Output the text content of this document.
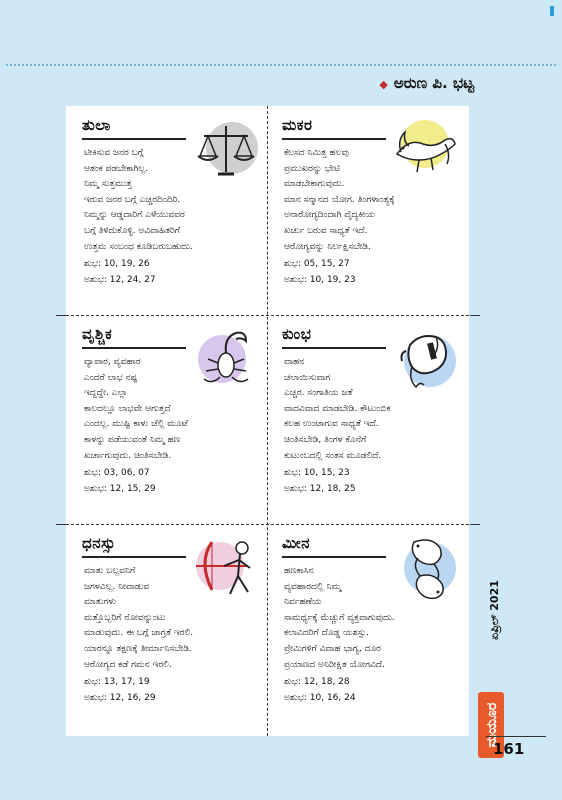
◆ ಅರುಣ ಪಿ. ಭಟ್ಟ
ತುಲಾ
ಟೀಕಿಸುವ ಜನರ ಬಗ್ಗೆ
ಆತಂಕ ಪಡಬೇಕಾಗಿಲ್ಲ.
ನಿಮ್ಮ ಸುತ್ತಮುತ್ತ
ಇರುವ ಜನರ ಬಗ್ಗೆ ಎಚ್ಚರದಿಂದಿರಿ.
ನಿಮ್ಮನ್ನು ಆಡ್ಡದಾರಿಗೆ ಎಳೆಯುವವರ
ಬಗ್ಗೆ ತಿಳಿದುಕೊಳ್ಳಿ. ಅವಿವಾಹಿತರಿಗೆ
ಉತ್ತಮ ಸಂಬಂಧ ಕೂಡಿಬರುಬಹುದು.
ಶುಭ: 10, 19, 26
ಅಶುಭ: 12, 24, 27
ಮಕರ
ಕೆಲಸದ ನಿಮಿತ್ತ ಹಲವು
ಪ್ರಮುಖರನ್ನು ಭೇಟಿ
ಮಾಡಬೇಕಾಗುವುದು.
ಮಾನ ಸನ್ಮಾನದ ಯೋಗ. ತಿಂಗಳಾಂತ್ಯಕ್ಕೆ
ಅನಾರೋಗ್ಯದಿಂದಾಗಿ ವೈದ್ಯಕೀಯ
ಖರ್ಚು ಬರುವ ಸಾಧ್ಯತೆ ಇದೆ.
ಆರೋಗ್ಯವನ್ನು ನಿರ್ಲಕ್ಷಿಸಬೇಡಿ.
ಶುಭ: 05, 15, 27
ಅಶುಭ: 10, 19, 23
ವೃಶ್ಚಿಕ
ವ್ಯಾಪಾರ, ವ್ಯವಹಾರ
ಎಂದರೆ ಲಾಭ ನಷ್ಟ
ಇದ್ದದ್ದೇ. ಎಲ್ಲಾ
ಕಾಲದಲ್ಲೂ ಲಾಭವೇ ಆಗುತ್ತದೆ
ಎಂದಲ್ಲ. ಮುಷ್ಟಿ ಕಾಳು ಚೆಲ್ಲಿ ಮೂಟೆ
ಕಾಳನ್ನು ಪಡೆಯುವಂತೆ ನಿಮ್ಮ ಹಣ
ಖರ್ಚಾಗುವುದು. ಚಿಂತಿಸಬೇಡಿ.
ಶುಭ: 03, 06, 07
ಅಶುಭ: 12, 15, 29
ಕುಂಭ
ವಾಹನ
ಚಲಾಯಿಸುವಾಗ
ಎಚ್ಚರ. ಸಂಗಾತಿಯ ಜತೆ
ವಾದವಿವಾದ ಮಾಡಬೇಡಿ. ಕೌಟುಂಬಿಕ
ಕಲಹ ಉಂಟಾಗುವ ಸಾಧ್ಯತೆ ಇದೆ.
ಚಿಂತಿಸಬೇಡಿ, ತಿಂಗಳ ಕೊನೆಗೆ
ಕುಟುಂಬದಲ್ಲಿ ಸಂತಸ ಮೂಡಲಿದೆ.
ಶುಭ: 10, 15, 23
ಅಶುಭ: 12, 18, 25
ಧನಸ್ಸು
ಮಾತು ಬಲ್ಲವನಿಗೆ
ಜಗಳವಿಲ್ಲ. ನೀವಾಡುವ
ಮಾತುಗಳು
ಮತ್ತೊಬ್ಬರಿಗೆ ನೋವನ್ನುಂಟು
ಮಾಡುವುದು. ಈ ಬಗ್ಗೆ ಜಾಗ್ರತೆ ಇರಲಿ.
ಯಾರನ್ನೂ ತಕ್ಷಣಕ್ಕೆ ತೀರ್ಮಾನಿಸಬೇಡಿ.
ಆರೋಗ್ಯದ ಕಡೆ ಗಮನ ಇರಲಿ.
ಶುಭ: 13, 17, 19
ಅಶುಭ: 12, 16, 29
ಮೀನ
ಹಣಕಾಸಿನ
ವ್ಯವಹಾರದಲ್ಲಿ ನಿಮ್ಮ
ನಿರ್ವಹಣೆಯ
ಸಾಮರ್ಥ್ಯಕ್ಕೆ ಮೆಚ್ಚುಗೆ ವ್ಯಕ್ತವಾಗುವುದು.
ಕಲಾವಿದರಿಗೆ ದೊಡ್ಡ ಯಶಸ್ಸು.
ಪ್ರೇಮಿಗಳಿಗೆ ವಿವಾಹ ಭಾಗ್ಯ, ದೂರ
ಪ್ರಯಾಣದ ಅನಿರೀಕ್ಷಿತ ಯೋಗವಿದೆ.
ಶುಭ: 12, 18, 28
ಅಶುಭ: 10, 16, 24
ಏಪ್ರಿಲ್ 2021
ಮಯೂರ
161
